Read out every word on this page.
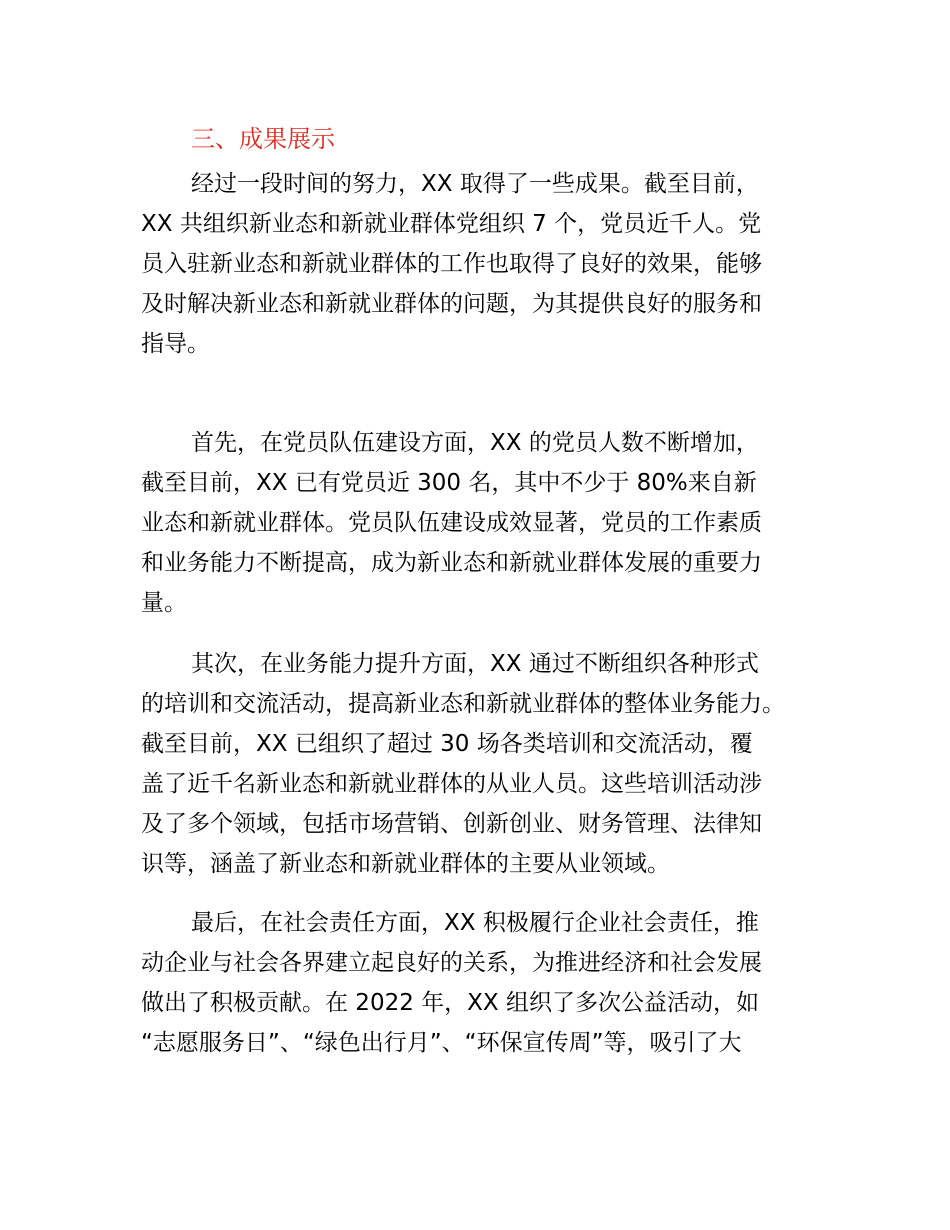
三、成果展示
经过一段时间的努力，XX 取得了一些成果。截至目前，
XX 共组织新业态和新就业群体党组织 7 个，党员近千人。党
员入驻新业态和新就业群体的工作也取得了良好的效果，能够
及时解决新业态和新就业群体的问题，为其提供良好的服务和
指导。
首先，在党员队伍建设方面，XX 的党员人数不断增加，
截至目前，XX 已有党员近 300 名，其中不少于 80%来自新
业态和新就业群体。党员队伍建设成效显著，党员的工作素质
和业务能力不断提高，成为新业态和新就业群体发展的重要力
量。
其次，在业务能力提升方面，XX 通过不断组织各种形式
的培训和交流活动，提高新业态和新就业群体的整体业务能力。
截至目前，XX 已组织了超过 30 场各类培训和交流活动，覆
盖了近千名新业态和新就业群体的从业人员。这些培训活动涉
及了多个领域，包括市场营销、创新创业、财务管理、法律知
识等，涵盖了新业态和新就业群体的主要从业领域。
最后，在社会责任方面，XX 积极履行企业社会责任，推
动企业与社会各界建立起良好的关系，为推进经济和社会发展
做出了积极贡献。在 2022 年，XX 组织了多次公益活动，如
“志愿服务日”、“绿色出行月”、“环保宣传周”等，吸引了大
